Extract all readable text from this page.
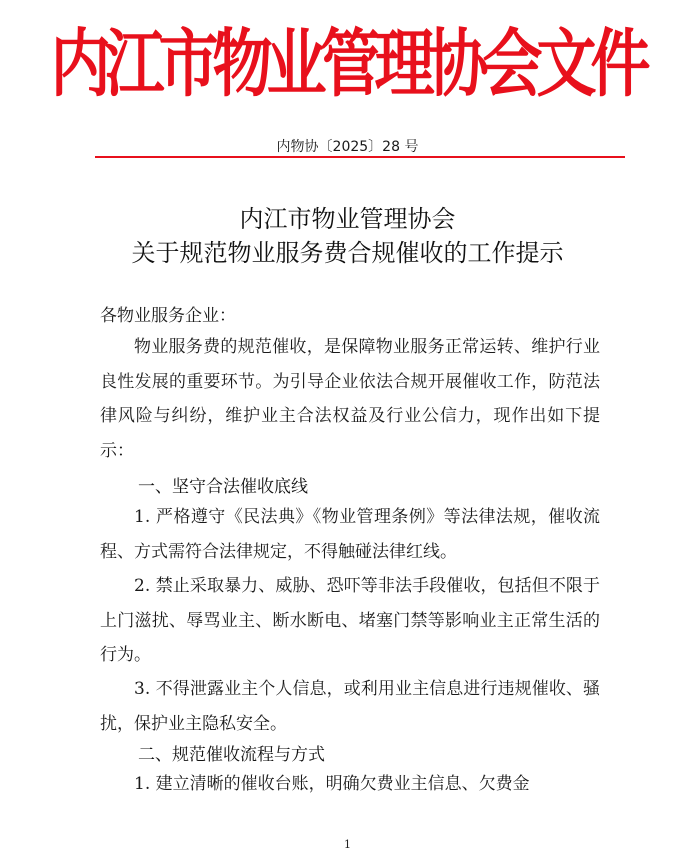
内江市物业管理协会文件
内物协〔2025〕28 号
内江市物业管理协会
关于规范物业服务费合规催收的工作提示
各物业服务企业：
物业服务费的规范催收，是保障物业服务正常运转、维护行业良性发展的重要环节。为引导企业依法合规开展催收工作，防范法律风险与纠纷，维护业主合法权益及行业公信力，现作出如下提示：
一、坚守合法催收底线
1. 严格遵守《民法典》《物业管理条例》等法律法规，催收流程、方式需符合法律规定，不得触碰法律红线。
2. 禁止采取暴力、威胁、恐吓等非法手段催收，包括但不限于上门滋扰、辱骂业主、断水断电、堵塞门禁等影响业主正常生活的行为。
3. 不得泄露业主个人信息，或利用业主信息进行违规催收、骚扰，保护业主隐私安全。
二、规范催收流程与方式
1. 建立清晰的催收台账，明确欠费业主信息、欠费金
1
